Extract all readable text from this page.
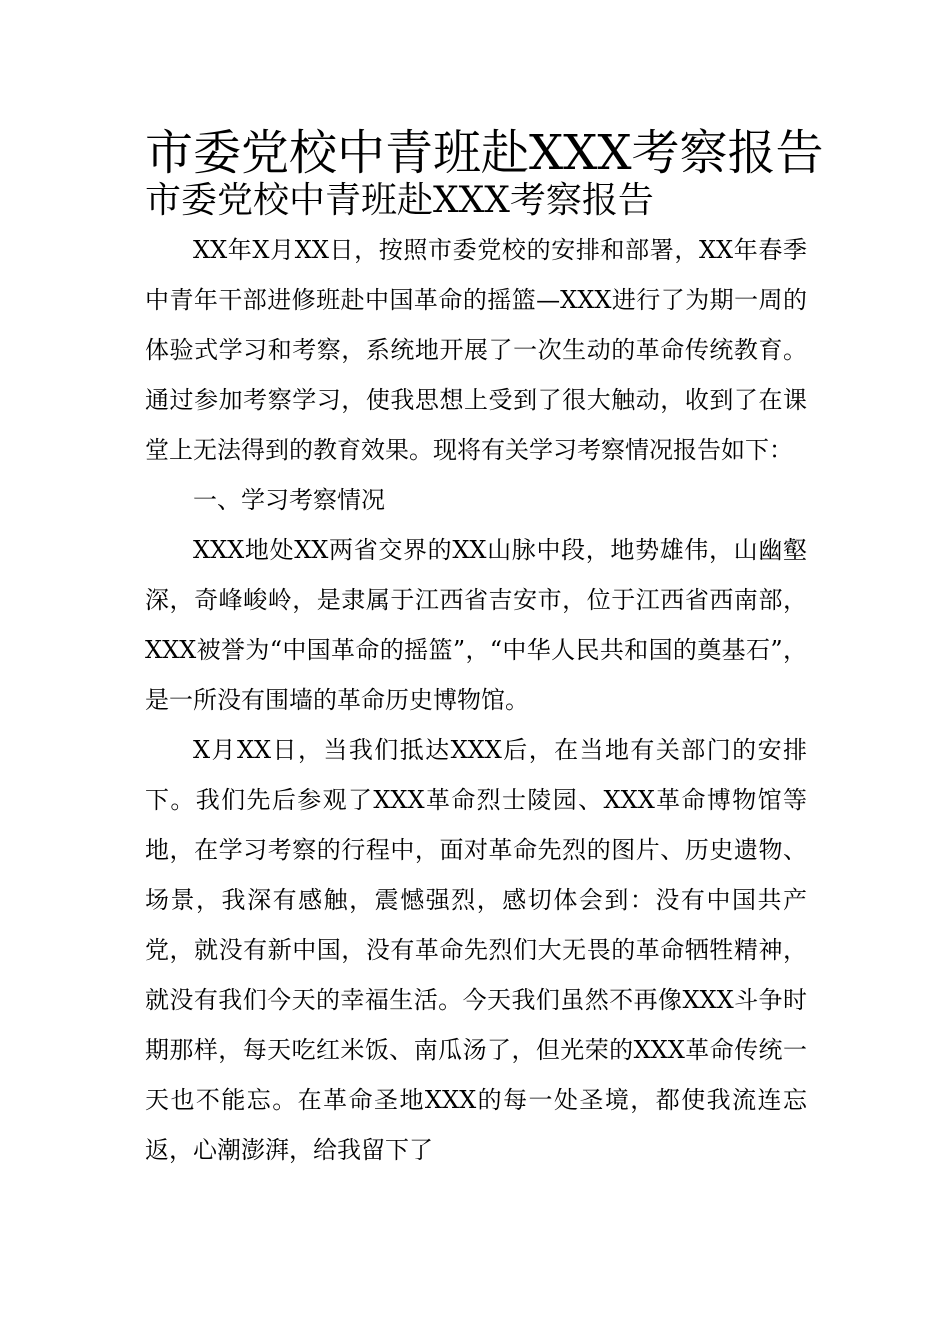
市委党校中青班赴XXX考察报告
市委党校中青班赴XXX考察报告

XX年X月XX日，按照市委党校的安排和部署，XX年春季中青年干部进修班赴中国革命的摇篮—XXX进行了为期一周的体验式学习和考察，系统地开展了一次生动的革命传统教育。通过参加考察学习，使我思想上受到了很大触动，收到了在课堂上无法得到的教育效果。现将有关学习考察情况报告如下：

一、学习考察情况

XXX地处XX两省交界的XX山脉中段，地势雄伟，山幽壑深，奇峰峻岭，是隶属于江西省吉安市，位于江西省西南部，XXX被誉为“中国革命的摇篮”，“中华人民共和国的奠基石”，是一所没有围墙的革命历史博物馆。

X月XX日，当我们抵达XXX后，在当地有关部门的安排下。我们先后参观了XXX革命烈士陵园、XXX革命博物馆等地，在学习考察的行程中，面对革命先烈的图片、历史遗物、场景，我深有感触，震憾强烈，感切体会到：没有中国共产党，就没有新中国，没有革命先烈们大无畏的革命牺牲精神，就没有我们今天的幸福生活。今天我们虽然不再像XXX斗争时期那样，每天吃红米饭、南瓜汤了，但光荣的XXX革命传统一天也不能忘。在革命圣地XXX的每一处圣境，都使我流连忘返，心潮澎湃，给我留下了
